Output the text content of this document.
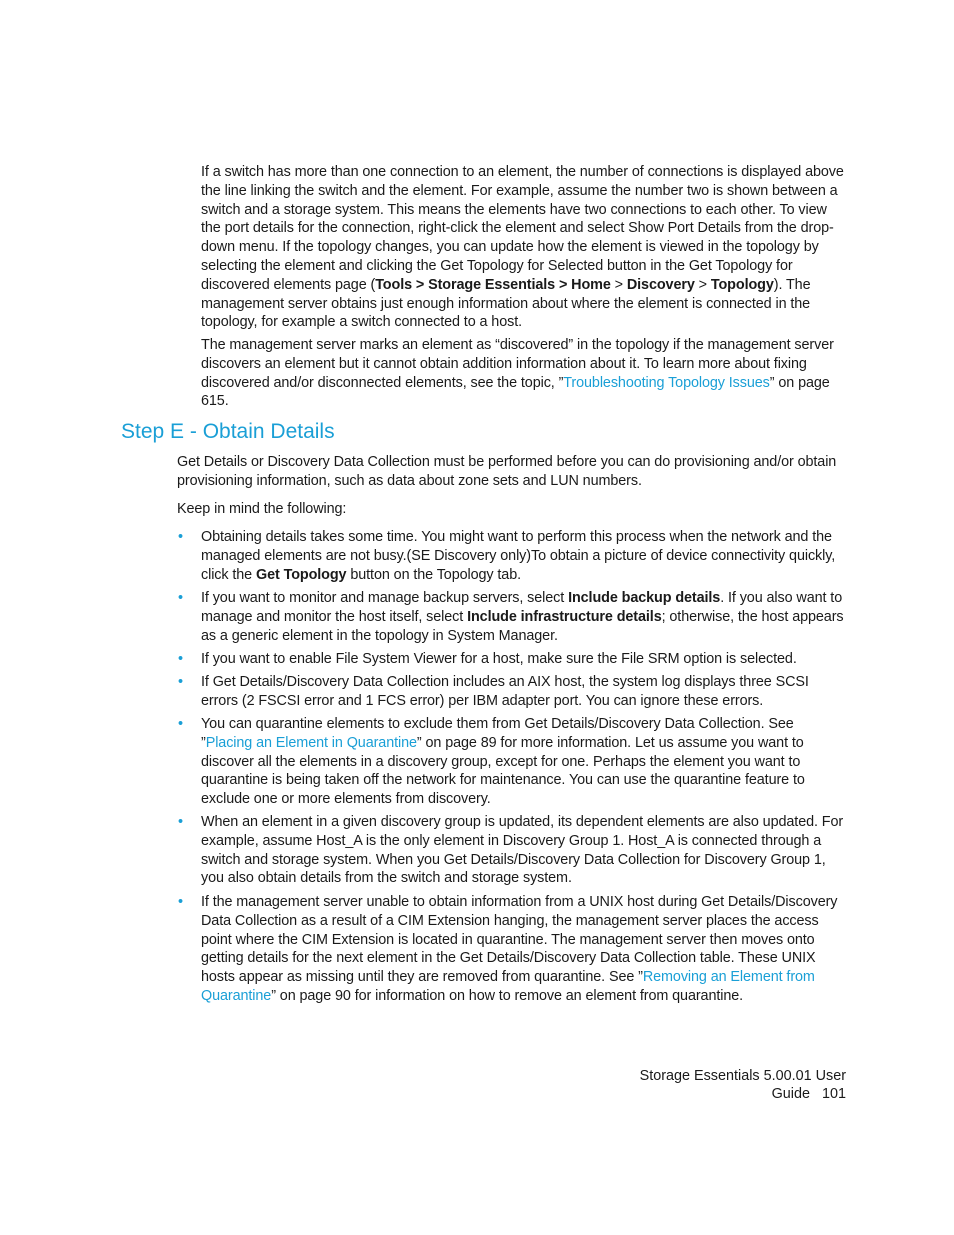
If a switch has more than one connection to an element, the number of connections is displayed above the line linking the switch and the element. For example, assume the number two is shown between a switch and a storage system. This means the elements have two connections to each other. To view the port details for the connection, right-click the element and select Show Port Details from the drop-down menu. If the topology changes, you can update how the element is viewed in the topology by selecting the element and clicking the Get Topology for Selected button in the Get Topology for discovered elements page (Tools > Storage Essentials > Home > Discovery > Topology). The management server obtains just enough information about where the element is connected in the topology, for example a switch connected to a host.

The management server marks an element as “discovered” in the topology if the management server discovers an element but it cannot obtain addition information about it. To learn more about fixing discovered and/or disconnected elements, see the topic, ”Troubleshooting Topology Issues” on page 615.

Step E - Obtain Details

Get Details or Discovery Data Collection must be performed before you can do provisioning and/or obtain provisioning information, such as data about zone sets and LUN numbers.

Keep in mind the following:

• Obtaining details takes some time. You might want to perform this process when the network and the managed elements are not busy.(SE Discovery only)To obtain a picture of device connectivity quickly, click the Get Topology button on the Topology tab.

• If you want to monitor and manage backup servers, select Include backup details. If you also want to manage and monitor the host itself, select Include infrastructure details; otherwise, the host appears as a generic element in the topology in System Manager.

• If you want to enable File System Viewer for a host, make sure the File SRM option is selected.

• If Get Details/Discovery Data Collection includes an AIX host, the system log displays three SCSI errors (2 FSCSI error and 1 FCS error) per IBM adapter port. You can ignore these errors.

• You can quarantine elements to exclude them from Get Details/Discovery Data Collection. See ”Placing an Element in Quarantine” on page 89 for more information. Let us assume you want to discover all the elements in a discovery group, except for one. Perhaps the element you want to quarantine is being taken off the network for maintenance. You can use the quarantine feature to exclude one or more elements from discovery.

• When an element in a given discovery group is updated, its dependent elements are also updated. For example, assume Host_A is the only element in Discovery Group 1. Host_A is connected through a switch and storage system. When you Get Details/Discovery Data Collection for Discovery Group 1, you also obtain details from the switch and storage system.

• If the management server unable to obtain information from a UNIX host during Get Details/Discovery Data Collection as a result of a CIM Extension hanging, the management server places the access point where the CIM Extension is located in quarantine. The management server then moves onto getting details for the next element in the Get Details/Discovery Data Collection table. These UNIX hosts appear as missing until they are removed from quarantine. See ”Removing an Element from Quarantine” on page 90 for information on how to remove an element from quarantine.

Storage Essentials 5.00.01 User Guide 101
